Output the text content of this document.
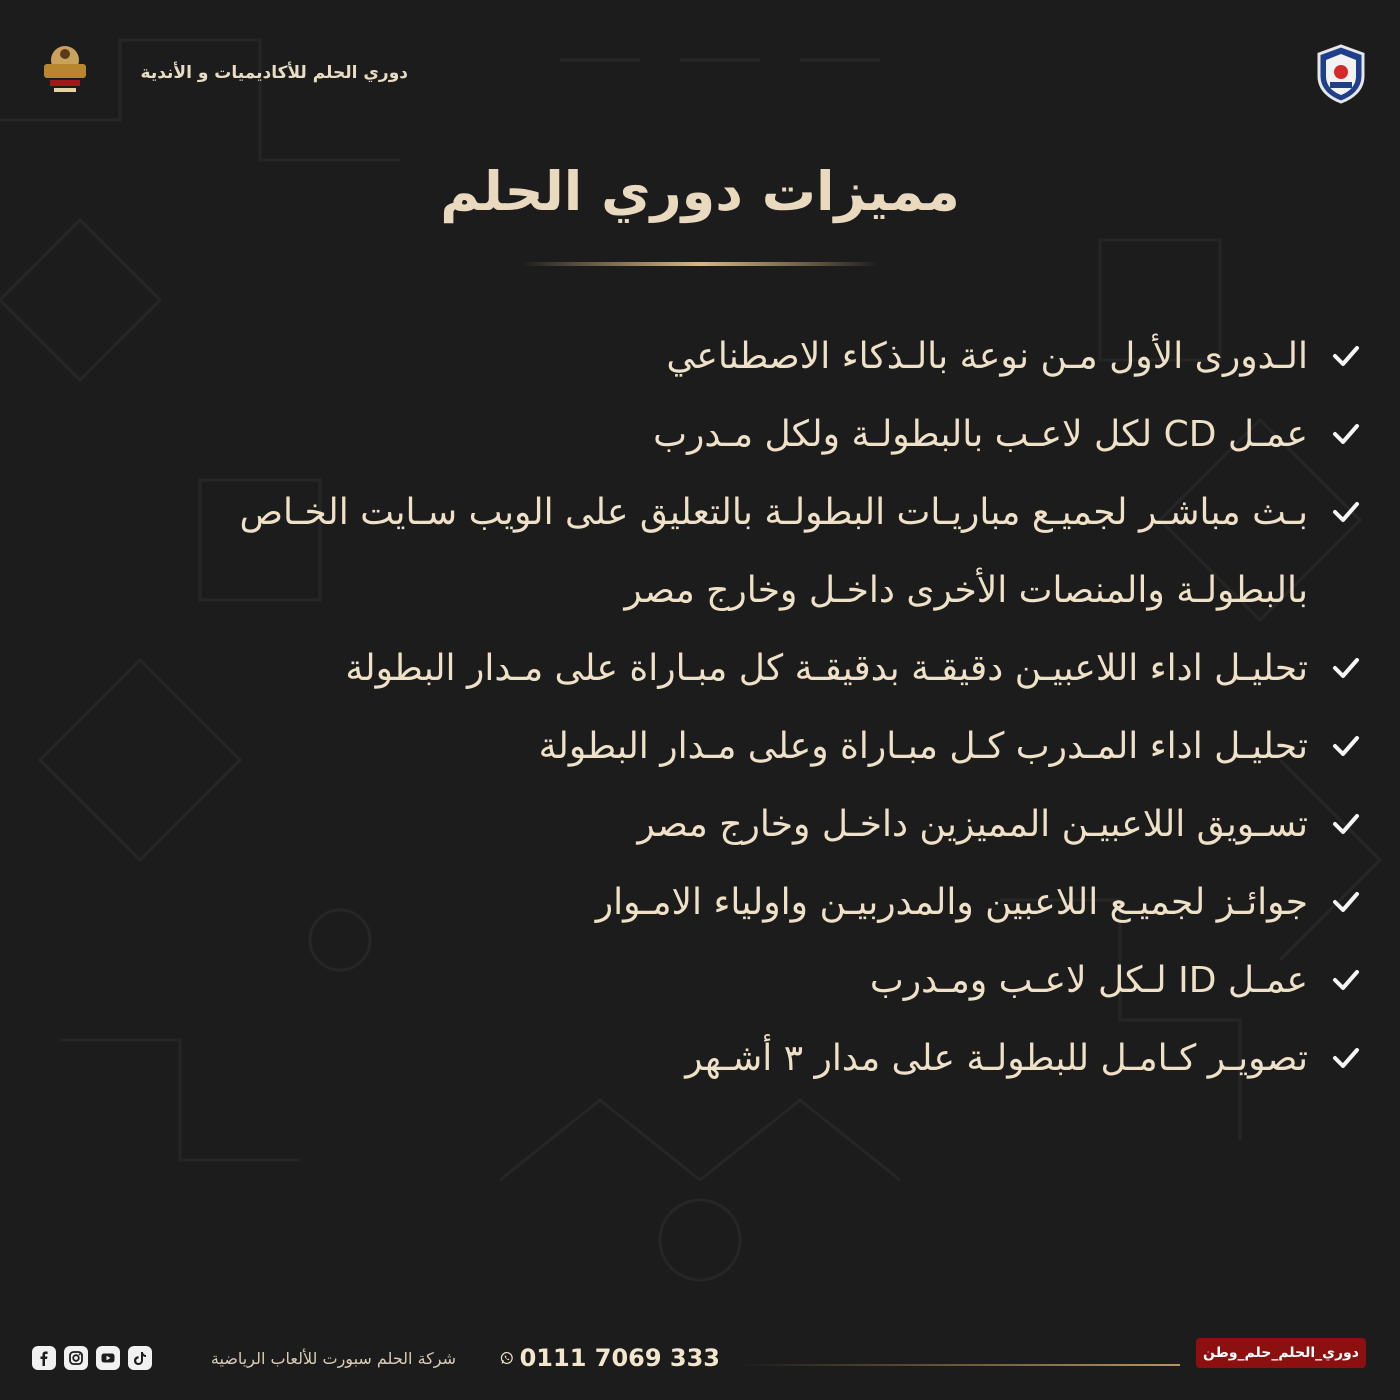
دوري الحلم للأكاديميات و الأندية
مميزات دوري الحلم
الـدورى الأول مـن نوعة بالـذكاء الاصطناعي
عمـل CD لكل لاعـب بالبطولـة ولكل مـدرب
بـث مباشـر لجميـع مباريـات البطولـة بالتعليق على الويب سـايت الخـاص بالبطولـة والمنصات الأخرى داخـل وخارج مصر
تحليـل اداء اللاعبيـن دقيقـة بدقيقـة كل مبـاراة على مـدار البطولة
تحليـل اداء المـدرب كـل مبـاراة وعلى مـدار البطولة
تسـويق اللاعبيـن المميزين داخـل وخارج مصر
جوائـز لجميـع اللاعبين والمدربيـن واولياء الامـوار
عمـل ID لـكل لاعـب ومـدرب
تصويـر كـامـل للبطولـة على مدار ٣ أشـهر
شركة الحلم سبورت للألعاب الرياضية	0111 7069 333	دوري_الحلم_حلم_وطن
